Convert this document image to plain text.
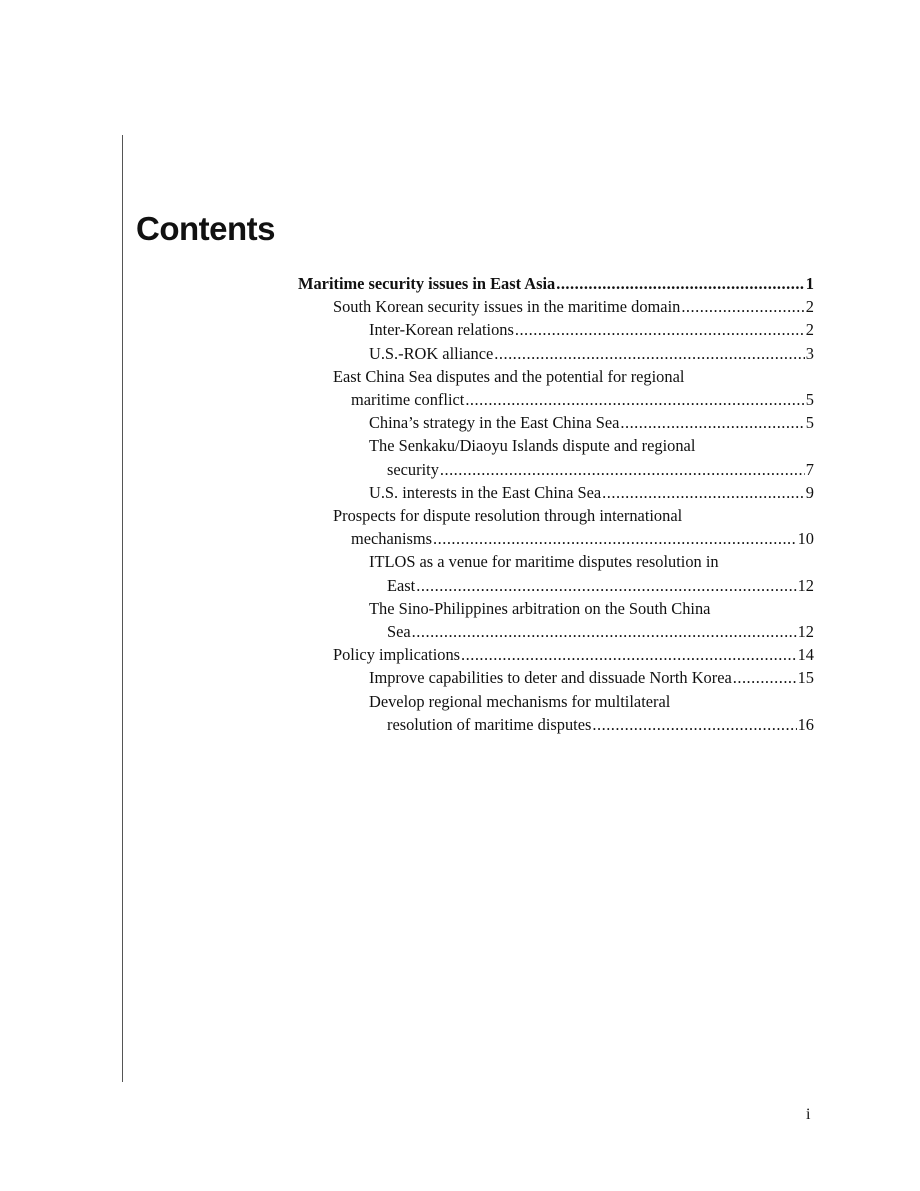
Contents
Maritime security issues in East Asia .....	1
South Korean security issues in the maritime domain .....	2
Inter-Korean relations .....	2
U.S.-ROK alliance .....	3
East China Sea disputes and the potential for regional
maritime conflict .....	5
China’s strategy in the East China Sea .....	5
The Senkaku/Diaoyu Islands dispute and regional
security .....	7
U.S. interests in the East China Sea .....	9
Prospects for dispute resolution through international
mechanisms .....	10
ITLOS as a venue for maritime disputes resolution in
East .....	12
The Sino-Philippines arbitration on the South China
Sea .....	12
Policy implications .....	14
Improve capabilities to deter and dissuade North Korea .....	15
Develop regional mechanisms for multilateral
resolution of maritime disputes .....	16
i
